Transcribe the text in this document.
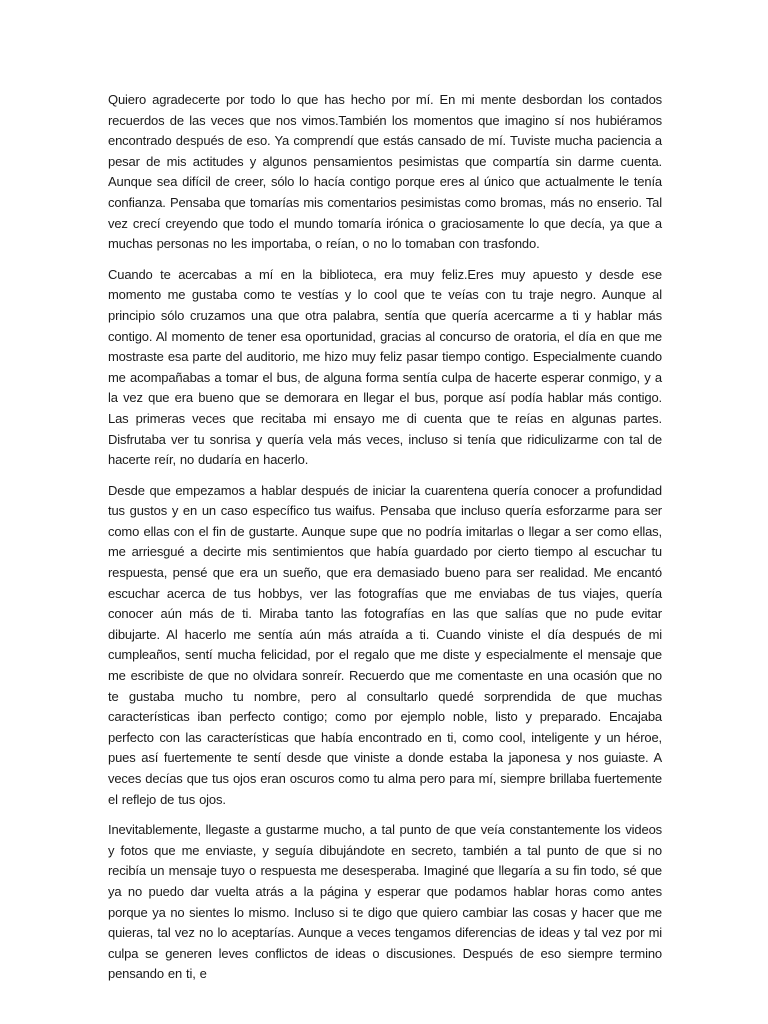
Quiero agradecerte por todo lo que has hecho por mí. En mi mente desbordan los contados recuerdos de las veces que nos vimos.También los momentos que imagino sí nos hubiéramos encontrado después de eso. Ya comprendí que estás cansado de mí. Tuviste mucha paciencia a pesar de mis actitudes y algunos pensamientos pesimistas que compartía sin darme cuenta. Aunque sea difícil de creer, sólo lo hacía contigo porque eres al único que actualmente le tenía confianza. Pensaba que tomarías mis comentarios pesimistas como bromas, más no enserio. Tal vez crecí creyendo que todo el mundo tomaría irónica o graciosamente lo que decía, ya que a muchas personas no les importaba, o reían, o no lo tomaban con trasfondo.

Cuando te acercabas a mí en la biblioteca, era muy feliz.Eres muy apuesto y desde ese momento me gustaba como te vestías y lo cool que te veías con tu traje negro. Aunque al principio sólo cruzamos una que otra palabra, sentía que quería acercarme a ti y hablar más contigo. Al momento de tener esa oportunidad, gracias al concurso de oratoria, el día en que me mostraste esa parte del auditorio, me hizo muy feliz pasar tiempo contigo. Especialmente cuando me acompañabas a tomar el bus, de alguna forma sentía culpa de hacerte esperar conmigo, y a la vez que era bueno que se demorara en llegar el bus, porque así podía hablar más contigo. Las primeras veces que recitaba mi ensayo me di cuenta que te reías en algunas partes. Disfrutaba ver tu sonrisa y quería vela más veces, incluso si tenía que ridiculizarme con tal de hacerte reír, no dudaría en hacerlo.

Desde que empezamos a hablar después de iniciar la cuarentena quería conocer a profundidad tus gustos y en un caso específico tus waifus. Pensaba que incluso quería esforzarme para ser como ellas con el fin de gustarte. Aunque supe que no podría imitarlas o llegar a ser como ellas, me arriesgué a decirte mis sentimientos que había guardado por cierto tiempo al escuchar tu respuesta, pensé que era un sueño, que era demasiado bueno para ser realidad. Me encantó escuchar acerca de tus hobbys, ver las fotografías que me enviabas de tus viajes, quería conocer aún más de ti. Miraba tanto las fotografías en las que salías que no pude evitar dibujarte. Al hacerlo me sentía aún más atraída a ti. Cuando viniste el día después de mi cumpleaños, sentí mucha felicidad, por el regalo que me diste y especialmente el mensaje que me escribiste de que no olvidara sonreír. Recuerdo que me comentaste en una ocasión que no te gustaba mucho tu nombre, pero al consultarlo quedé sorprendida de que muchas características iban perfecto contigo; como por ejemplo noble, listo y preparado. Encajaba perfecto con las características que había encontrado en ti, como cool, inteligente y un héroe, pues así fuertemente te sentí desde que viniste a donde estaba la japonesa y nos guiaste. A veces decías que tus ojos eran oscuros como tu alma pero para mí, siempre brillaba fuertemente el reflejo de tus ojos.

Inevitablemente, llegaste a gustarme mucho, a tal punto de que veía constantemente los videos y fotos que me enviaste, y seguía dibujándote en secreto, también a tal punto de que si no recibía un mensaje tuyo o respuesta me desesperaba. Imaginé que llegaría a su fin todo, sé que ya no puedo dar vuelta atrás a la página y esperar que podamos hablar horas como antes porque ya no sientes lo mismo. Incluso si te digo que quiero cambiar las cosas y hacer que me quieras, tal vez no lo aceptarías. Aunque a veces tengamos diferencias de ideas y tal vez por mi culpa se generen leves conflictos de ideas o discusiones. Después de eso siempre termino pensando en ti, e
